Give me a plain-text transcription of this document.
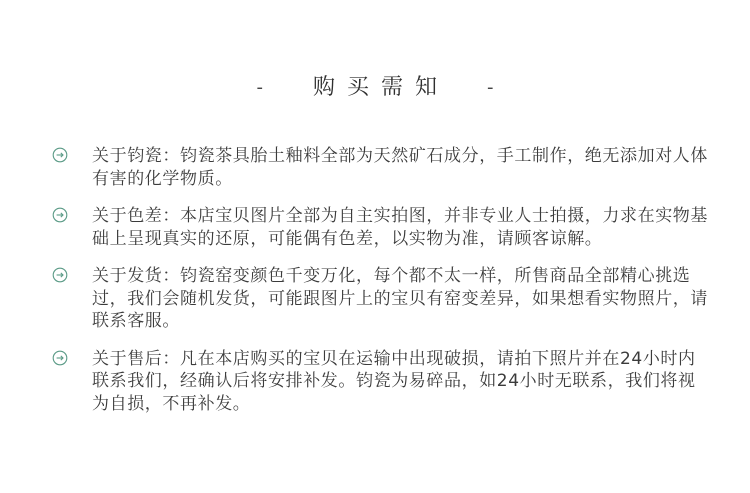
-	购买需知 -
关于钧瓷：钧瓷茶具胎土釉料全部为天然矿石成分，手工制作，绝无添加对人体有害的化学物质。
关于色差：本店宝贝图片全部为自主实拍图，并非专业人士拍摄，力求在实物基础上呈现真实的还原，可能偶有色差，以实物为准，请顾客谅解。
关于发货：钧瓷窑变颜色千变万化，每个都不太一样，所售商品全部精心挑选过，我们会随机发货，可能跟图片上的宝贝有窑变差异，如果想看实物照片，请联系客服。
关于售后：凡在本店购买的宝贝在运输中出现破损，请拍下照片并在24小时内联系我们，经确认后将安排补发。钧瓷为易碎品，如24小时无联系，我们将视为自损，不再补发。
